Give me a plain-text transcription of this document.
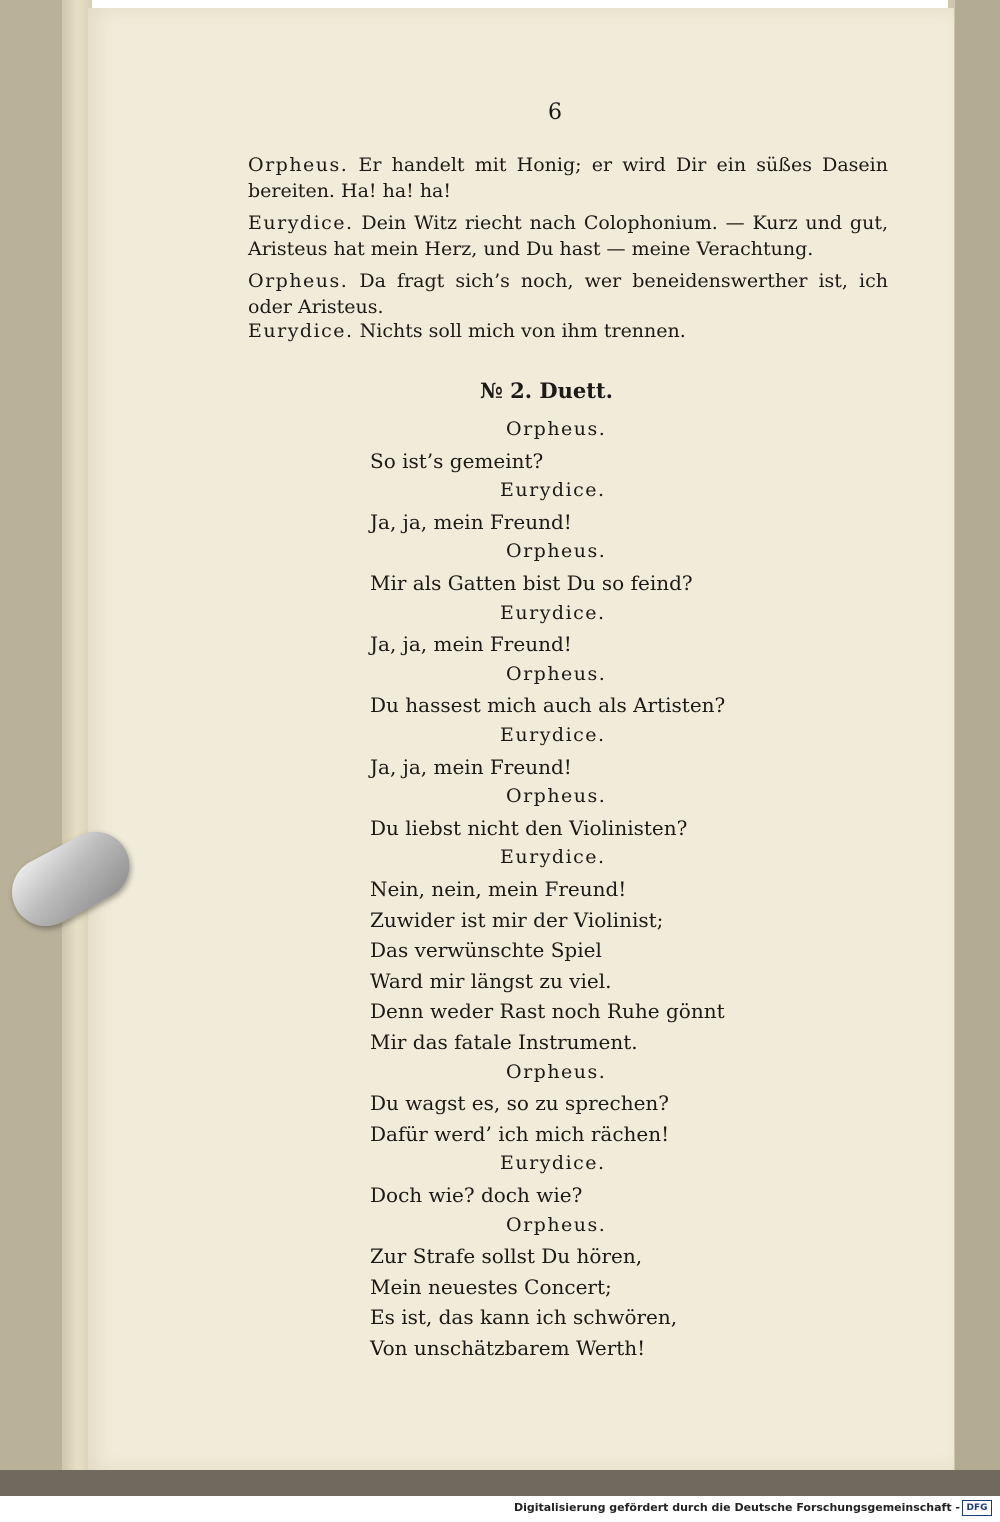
6
Orpheus. Er handelt mit Honig; er wird Dir ein süßes Dasein bereiten. Ha! ha! ha!
Eurydice. Dein Witz riecht nach Colophonium. — Kurz und gut, Aristeus hat mein Herz, und Du hast — meine Verachtung.
Orpheus. Da fragt sich’s noch, wer beneidenswerther ist, ich oder Aristeus.
Eurydice. Nichts soll mich von ihm trennen.
№ 2. Duett.
Orpheus.
So ist’s gemeint?
Eurydice.
Ja, ja, mein Freund!
Orpheus.
Mir als Gatten bist Du so feind?
Eurydice.
Ja, ja, mein Freund!
Orpheus.
Du hassest mich auch als Artisten?
Eurydice.
Ja, ja, mein Freund!
Orpheus.
Du liebst nicht den Violinisten?
Eurydice.
Nein, nein, mein Freund!
Zuwider ist mir der Violinist;
Das verwünschte Spiel
Ward mir längst zu viel.
Denn weder Rast noch Ruhe gönnt
Mir das fatale Instrument.
Orpheus.
Du wagst es, so zu sprechen?
Dafür werd’ ich mich rächen!
Eurydice.
Doch wie? doch wie?
Orpheus.
Zur Strafe sollst Du hören,
Mein neuestes Concert;
Es ist, das kann ich schwören,
Von unschätzbarem Werth!
Digitalisierung gefördert durch die Deutsche Forschungsgemeinschaft - DFG
